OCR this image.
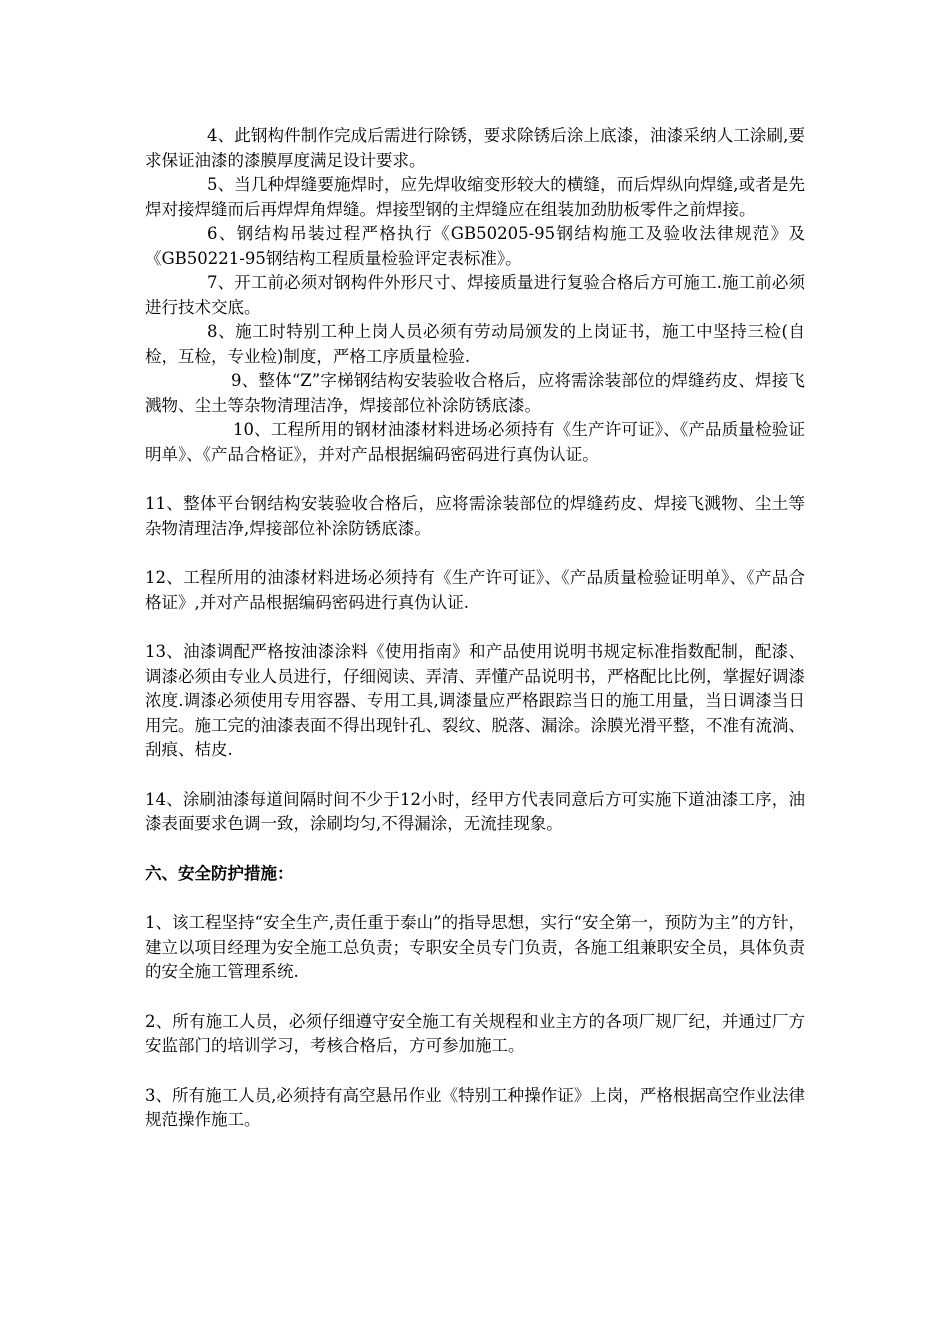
4、此钢构件制作完成后需进行除锈，要求除锈后涂上底漆，油漆采纳人工涂刷,要求保证油漆的漆膜厚度满足设计要求。

5、当几种焊缝要施焊时，应先焊收缩变形较大的横缝，而后焊纵向焊缝,或者是先焊对接焊缝而后再焊焊角焊缝。焊接型钢的主焊缝应在组装加劲肋板零件之前焊接。

6、钢结构吊装过程严格执行《GB50205-95钢结构施工及验收法律规范》及《GB50221-95钢结构工程质量检验评定表标准》。

7、开工前必须对钢构件外形尺寸、焊接质量进行复验合格后方可施工.施工前必须进行技术交底。

8、施工时特别工种上岗人员必须有劳动局颁发的上岗证书，施工中坚持三检(自检，互检，专业检)制度，严格工序质量检验.

9、整体“Z”字梯钢结构安装验收合格后，应将需涂装部位的焊缝药皮、焊接飞溅物、尘土等杂物清理洁净，焊接部位补涂防锈底漆。

10、工程所用的钢材油漆材料进场必须持有《生产许可证》、《产品质量检验证明单》、《产品合格证》，并对产品根据编码密码进行真伪认证。

11、整体平台钢结构安装验收合格后，应将需涂装部位的焊缝药皮、焊接飞溅物、尘土等杂物清理洁净,焊接部位补涂防锈底漆。

12、工程所用的油漆材料进场必须持有《生产许可证》、《产品质量检验证明单》、《产品合格证》,并对产品根据编码密码进行真伪认证.

13、油漆调配严格按油漆涂料《使用指南》和产品使用说明书规定标准指数配制，配漆、调漆必须由专业人员进行，仔细阅读、弄清、弄懂产品说明书，严格配比比例，掌握好调漆浓度.调漆必须使用专用容器、专用工具,调漆量应严格跟踪当日的施工用量，当日调漆当日用完。施工完的油漆表面不得出现针孔、裂纹、脱落、漏涂。涂膜光滑平整，不准有流淌、刮痕、桔皮.

14、涂刷油漆每道间隔时间不少于12小时，经甲方代表同意后方可实施下道油漆工序，油漆表面要求色调一致，涂刷均匀,不得漏涂，无流挂现象。

六、安全防护措施：

1、该工程坚持“安全生产,责任重于泰山”的指导思想，实行“安全第一，预防为主”的方针，建立以项目经理为安全施工总负责；专职安全员专门负责，各施工组兼职安全员，具体负责的安全施工管理系统.

2、所有施工人员，必须仔细遵守安全施工有关规程和业主方的各项厂规厂纪，并通过厂方安监部门的培训学习，考核合格后，方可参加施工。

3、所有施工人员,必须持有高空悬吊作业《特别工种操作证》上岗，严格根据高空作业法律规范操作施工。
